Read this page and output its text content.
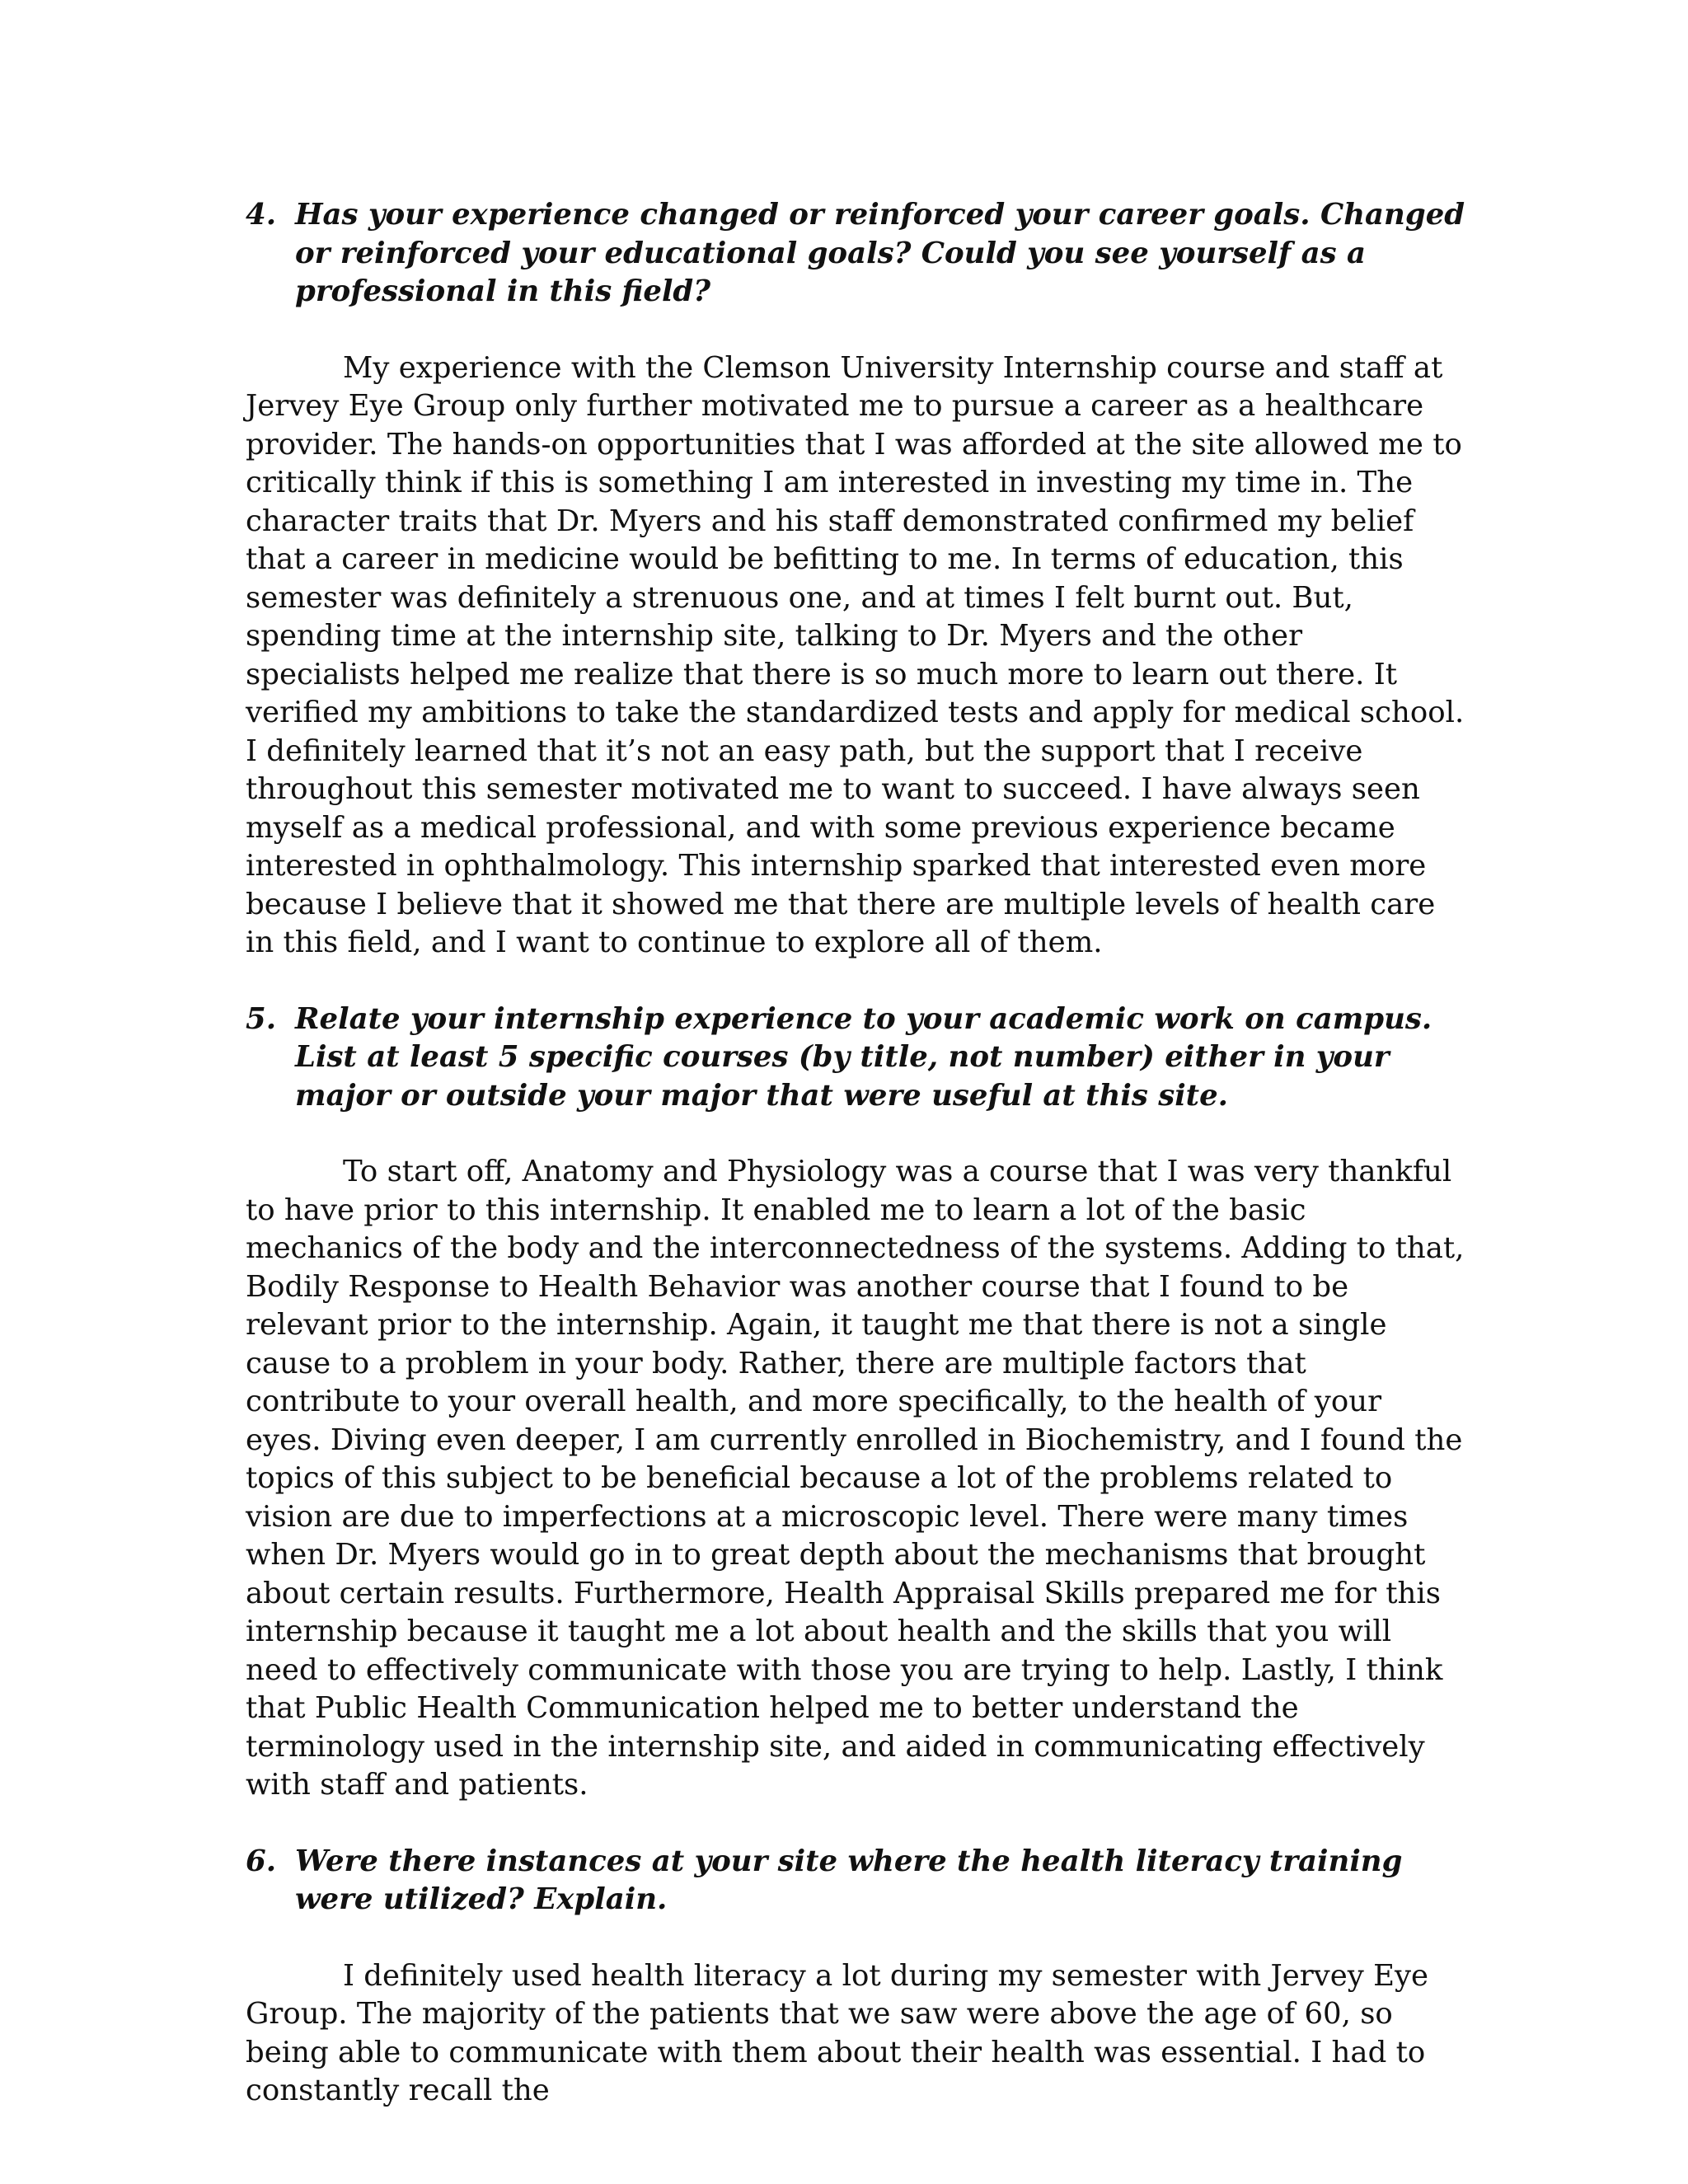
4. Has your experience changed or reinforced your career goals. Changed or reinforced your educational goals? Could you see yourself as a professional in this field?

My experience with the Clemson University Internship course and staff at Jervey Eye Group only further motivated me to pursue a career as a healthcare provider. The hands-on opportunities that I was afforded at the site allowed me to critically think if this is something I am interested in investing my time in. The character traits that Dr. Myers and his staff demonstrated confirmed my belief that a career in medicine would be befitting to me. In terms of education, this semester was definitely a strenuous one, and at times I felt burnt out. But, spending time at the internship site, talking to Dr. Myers and the other specialists helped me realize that there is so much more to learn out there. It verified my ambitions to take the standardized tests and apply for medical school. I definitely learned that it’s not an easy path, but the support that I receive throughout this semester motivated me to want to succeed. I have always seen myself as a medical professional, and with some previous experience became interested in ophthalmology. This internship sparked that interested even more because I believe that it showed me that there are multiple levels of health care in this field, and I want to continue to explore all of them.

5. Relate your internship experience to your academic work on campus. List at least 5 specific courses (by title, not number) either in your major or outside your major that were useful at this site.

To start off, Anatomy and Physiology was a course that I was very thankful to have prior to this internship. It enabled me to learn a lot of the basic mechanics of the body and the interconnectedness of the systems. Adding to that, Bodily Response to Health Behavior was another course that I found to be relevant prior to the internship. Again, it taught me that there is not a single cause to a problem in your body. Rather, there are multiple factors that contribute to your overall health, and more specifically, to the health of your eyes. Diving even deeper, I am currently enrolled in Biochemistry, and I found the topics of this subject to be beneficial because a lot of the problems related to vision are due to imperfections at a microscopic level. There were many times when Dr. Myers would go in to great depth about the mechanisms that brought about certain results. Furthermore, Health Appraisal Skills prepared me for this internship because it taught me a lot about health and the skills that you will need to effectively communicate with those you are trying to help. Lastly, I think that Public Health Communication helped me to better understand the terminology used in the internship site, and aided in communicating effectively with staff and patients.

6. Were there instances at your site where the health literacy training were utilized? Explain.

I definitely used health literacy a lot during my semester with Jervey Eye Group. The majority of the patients that we saw were above the age of 60, so being able to communicate with them about their health was essential. I had to constantly recall the
